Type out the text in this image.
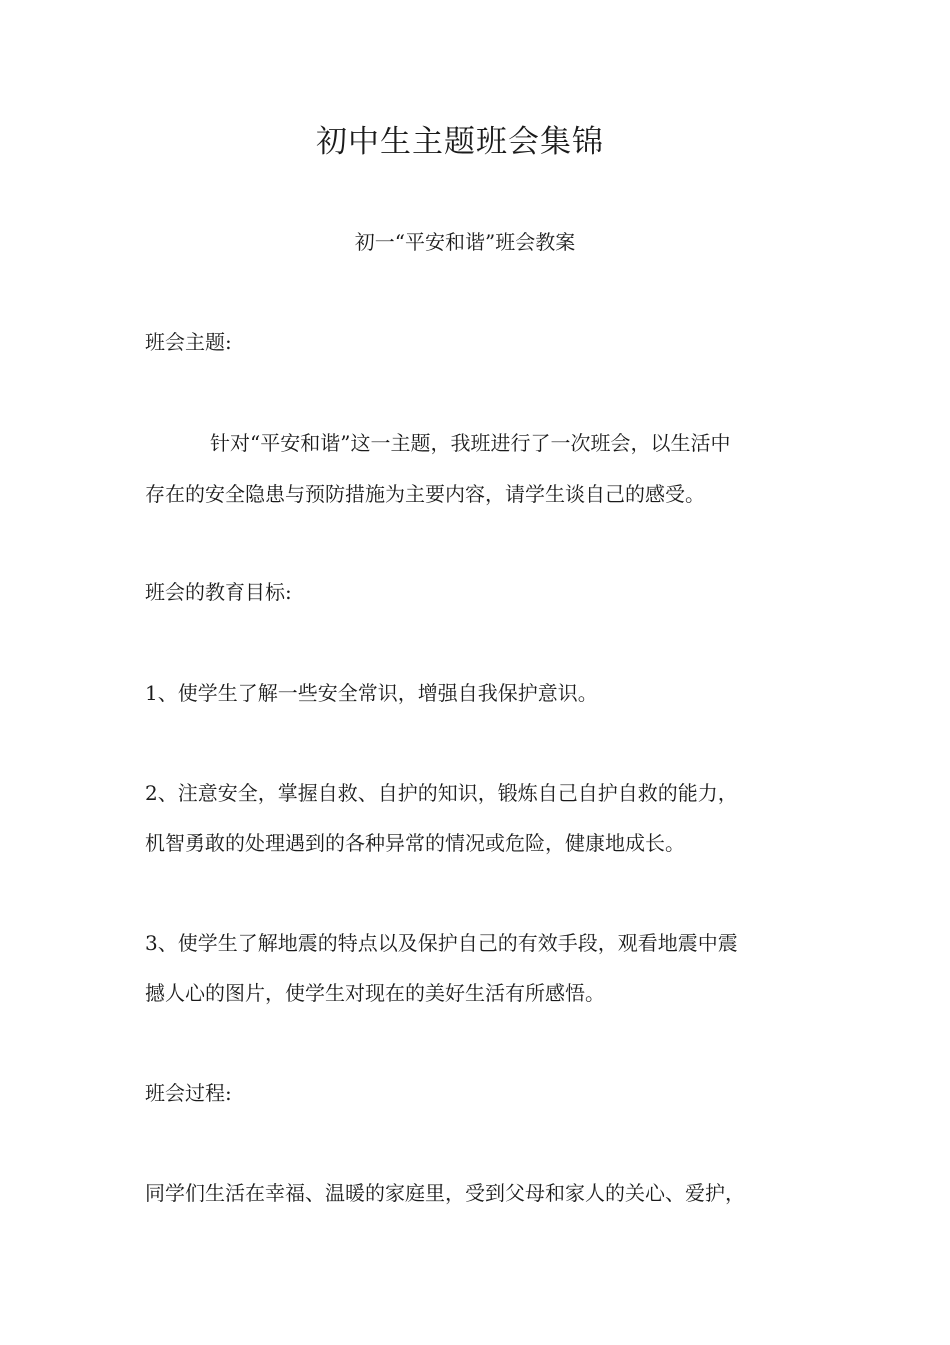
初中生主题班会集锦
初一“平安和谐”班会教案
班会主题:
针对“平安和谐”这一主题，我班进行了一次班会，以生活中
存在的安全隐患与预防措施为主要内容，请学生谈自己的感受。
班会的教育目标:
1、使学生了解一些安全常识，增强自我保护意识。
2、注意安全，掌握自救、自护的知识，锻炼自己自护自救的能力，
机智勇敢的处理遇到的各种异常的情况或危险，健康地成长。
3、使学生了解地震的特点以及保护自己的有效手段，观看地震中震
撼人心的图片，使学生对现在的美好生活有所感悟。
班会过程:
同学们生活在幸福、温暖的家庭里，受到父母和家人的关心、爱护，
